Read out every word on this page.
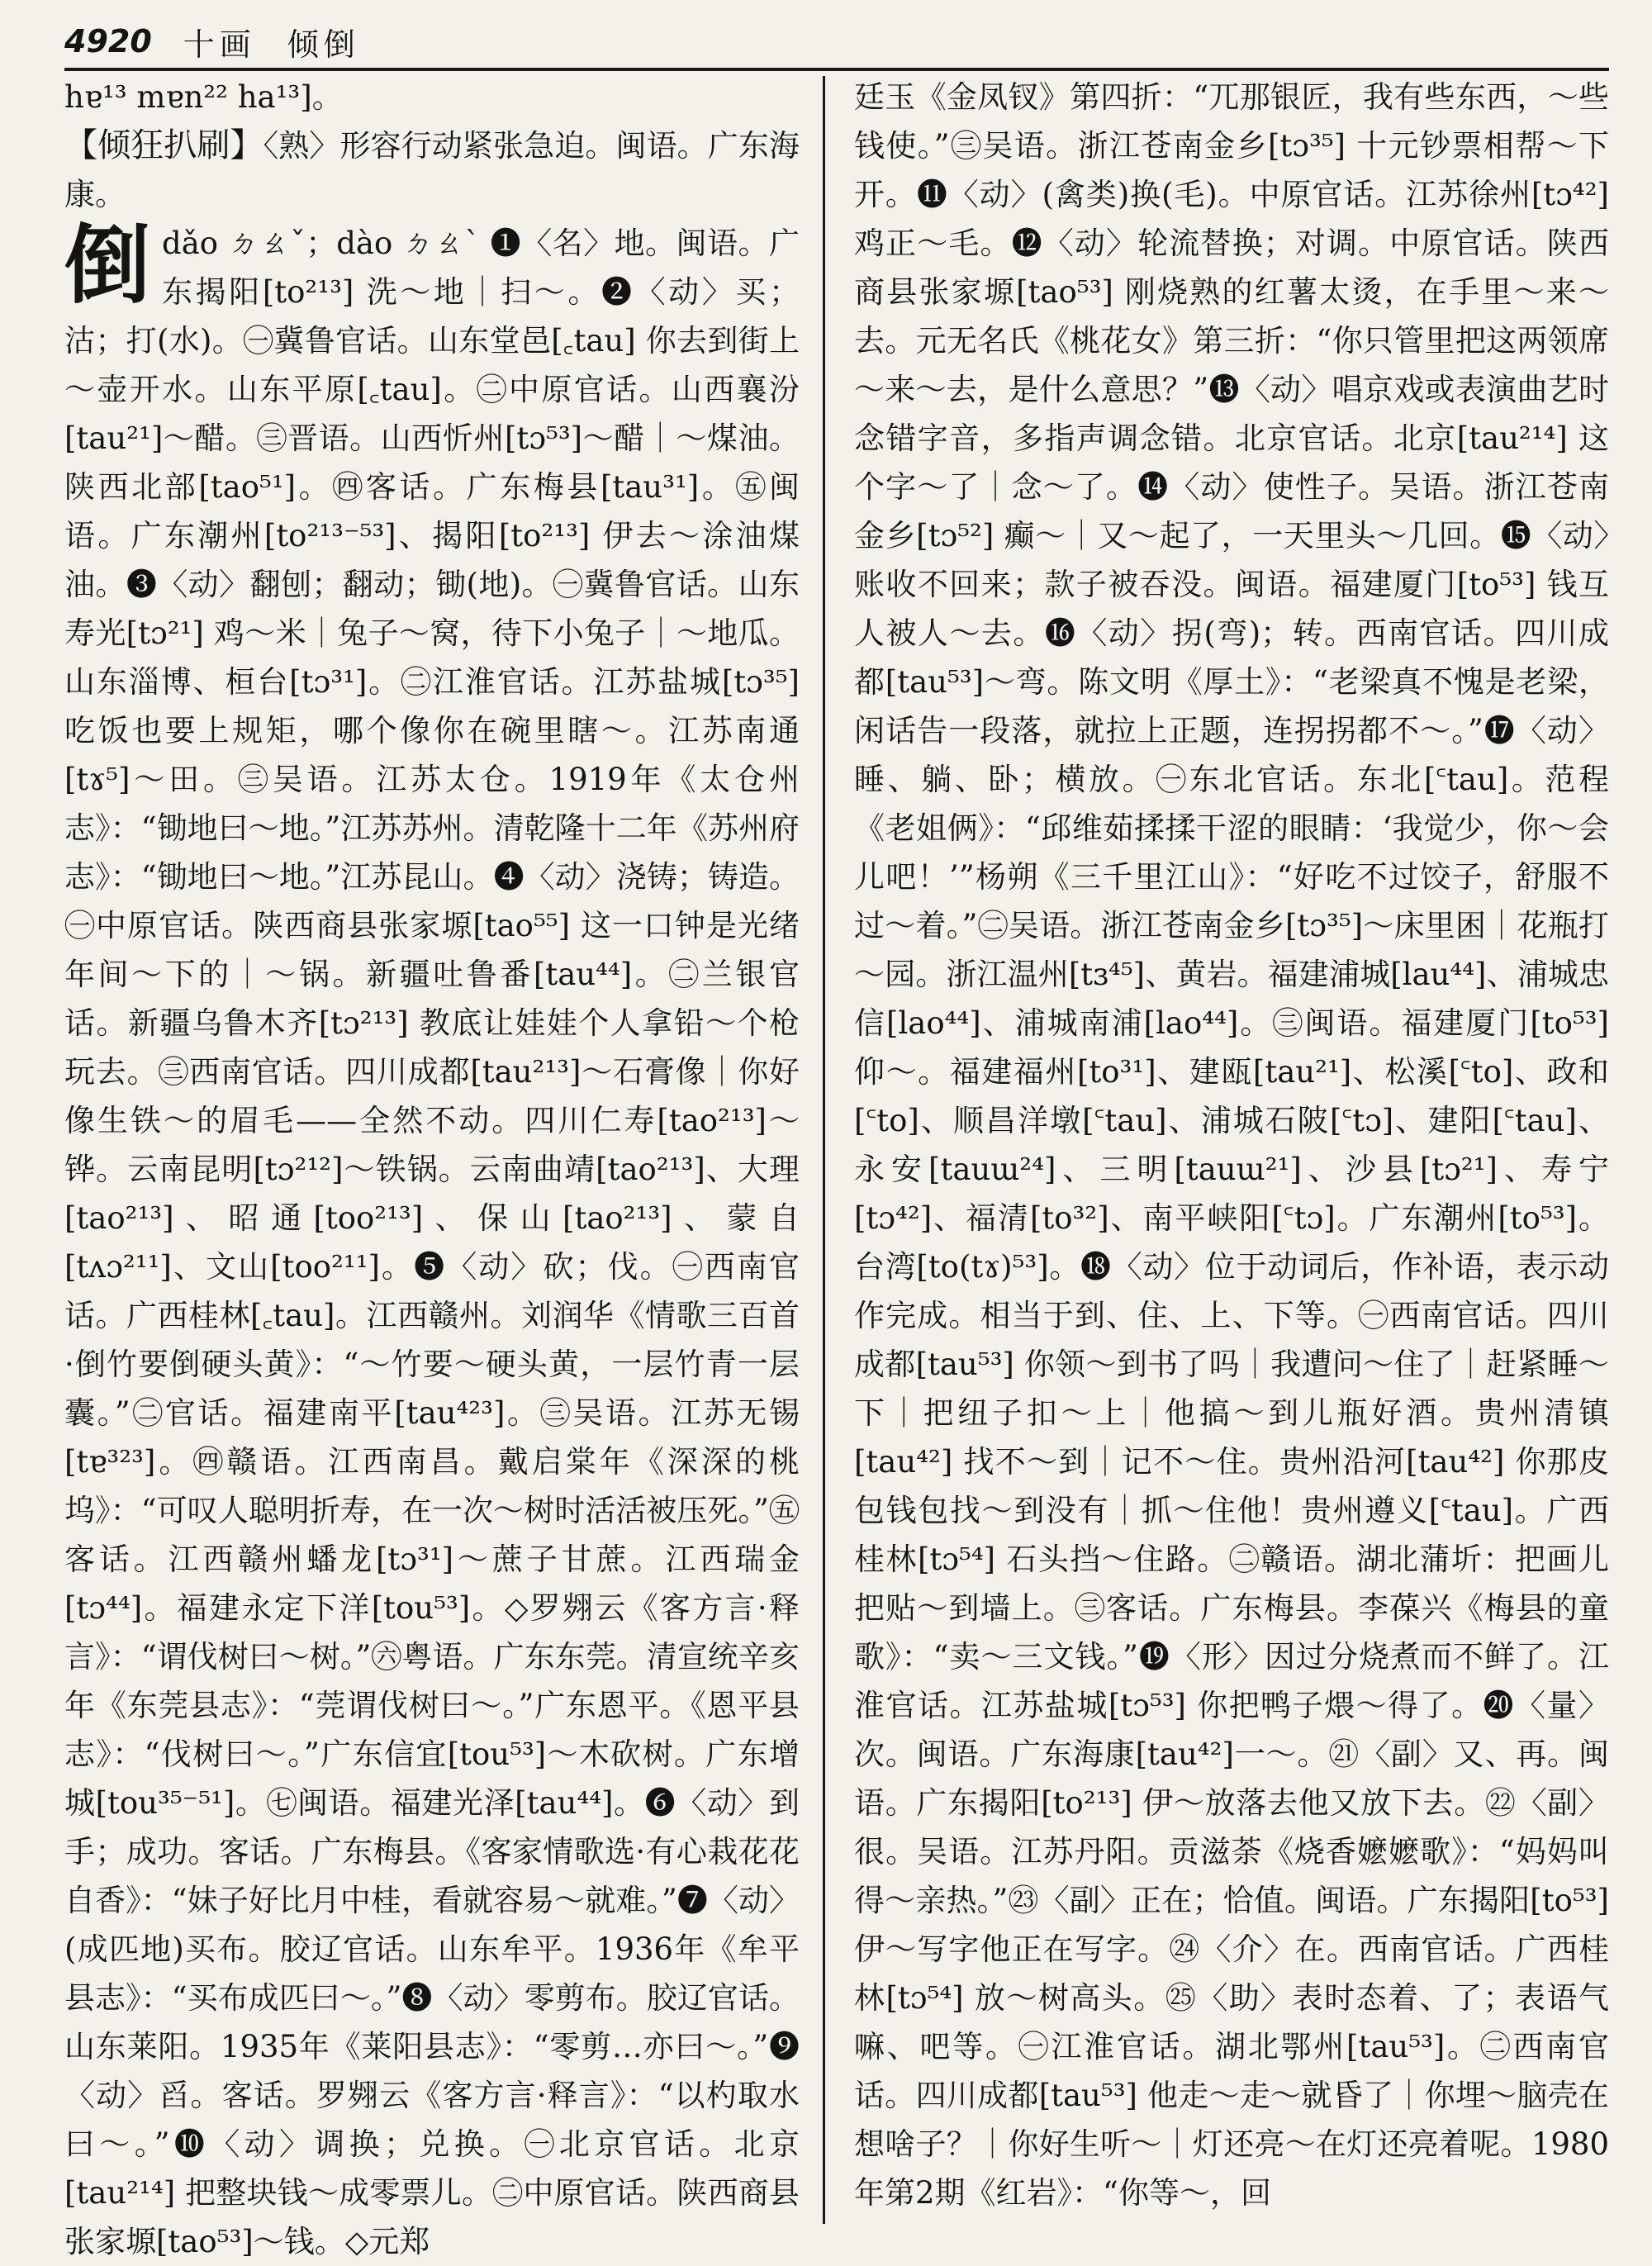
4920 十画 倾倒

hɐ¹³ mɐn²² ha¹³]。

【倾狂扒刷】〈熟〉形容行动紧张急迫。闽语。广东海康。

倒 dǎo ㄉㄠˇ；dào ㄉㄠˋ ❶〈名〉地。闽语。广东揭阳[to²¹³] 洗～地｜扫～。❷〈动〉买；沽；打(水)。㊀冀鲁官话。山东堂邑[꜀tau] 你去到街上～壶开水。山东平原[꜀tau]。㊁中原官话。山西襄汾[tau²¹]～醋。㊂晋语。山西忻州[tɔ⁵³]～醋｜～煤油。陕西北部[tao⁵¹]。㊃客话。广东梅县[tau³¹]。㊄闽语。广东潮州[to²¹³⁻⁵³]、揭阳[to²¹³] 伊去～涂油煤油。❸〈动〉翻刨；翻动；锄(地)。㊀冀鲁官话。山东寿光[tɔ²¹] 鸡～米｜兔子～窝，待下小兔子｜～地瓜。山东淄博、桓台[tɔ³¹]。㊁江淮官话。江苏盐城[tɔ³⁵] 吃饭也要上规矩，哪个像你在碗里瞎～。江苏南通[tɤ⁵]～田。㊂吴语。江苏太仓。1919年《太仓州志》：“锄地曰～地。”江苏苏州。清乾隆十二年《苏州府志》：“锄地曰～地。”江苏昆山。❹〈动〉浇铸；铸造。㊀中原官话。陕西商县张家塬[tao⁵⁵] 这一口钟是光绪年间～下的｜～锅。新疆吐鲁番[tau⁴⁴]。㊁兰银官话。新疆乌鲁木齐[tɔ²¹³] 教底让娃娃个人拿铅～个枪玩去。㊂西南官话。四川成都[tau²¹³]～石膏像｜你好像生铁～的眉毛——全然不动。四川仁寿[tao²¹³]～铧。云南昆明[tɔ²¹²]～铁锅。云南曲靖[tao²¹³]、大理[tao²¹³]、昭通[too²¹³]、保山[tao²¹³]、蒙自[tʌɔ²¹¹]、文山[too²¹¹]。❺〈动〉砍；伐。㊀西南官话。广西桂林[꜀tau]。江西赣州。刘润华《情歌三百首·倒竹要倒硬头黄》：“～竹要～硬头黄，一层竹青一层囊。”㊁官话。福建南平[tau⁴²³]。㊂吴语。江苏无锡[tɐ³²³]。㊃赣语。江西南昌。戴启棠年《深深的桃坞》：“可叹人聪明折寿，在一次～树时活活被压死。”㊄客话。江西赣州蟠龙[tɔ³¹]～蔗子甘蔗。江西瑞金[tɔ⁴⁴]。福建永定下洋[tou⁵³]。◇罗翙云《客方言·释言》：“谓伐树曰～树。”㊅粤语。广东东莞。清宣统辛亥年《东莞县志》：“莞谓伐树曰～。”广东恩平。《恩平县志》：“伐树曰～。”广东信宜[tou⁵³]～木砍树。广东增城[tou³⁵⁻⁵¹]。㊆闽语。福建光泽[tau⁴⁴]。❻〈动〉到手；成功。客话。广东梅县。《客家情歌选·有心栽花花自香》：“妹子好比月中桂，看就容易～就难。”❼〈动〉(成匹地)买布。胶辽官话。山东牟平。1936年《牟平县志》：“买布成匹曰～。”❽〈动〉零剪布。胶辽官话。山东莱阳。1935年《莱阳县志》：“零剪…亦曰～。”❾〈动〉舀。客话。罗翙云《客方言·释言》：“以杓取水曰～。”❿〈动〉调换；兑换。㊀北京官话。北京[tau²¹⁴] 把整块钱～成零票儿。㊁中原官话。陕西商县张家塬[tao⁵³]～钱。◇元郑

廷玉《金凤钗》第四折：“兀那银匠，我有些东西，～些钱使。”㊂吴语。浙江苍南金乡[tɔ³⁵] 十元钞票相帮～下开。⓫〈动〉(禽类)换(毛)。中原官话。江苏徐州[tɔ⁴²] 鸡正～毛。⓬〈动〉轮流替换；对调。中原官话。陕西商县张家塬[tao⁵³] 刚烧熟的红薯太烫，在手里～来～去。元无名氏《桃花女》第三折：“你只管里把这两领席～来～去，是什么意思？”⓭〈动〉唱京戏或表演曲艺时念错字音，多指声调念错。北京官话。北京[tau²¹⁴] 这个字～了｜念～了。⓮〈动〉使性子。吴语。浙江苍南金乡[tɔ⁵²] 癫～｜又～起了，一天里头～几回。⓯〈动〉账收不回来；款子被吞没。闽语。福建厦门[to⁵³] 钱互人被人～去。⓰〈动〉拐(弯)；转。西南官话。四川成都[tau⁵³]～弯。陈文明《厚土》：“老梁真不愧是老梁，闲话告一段落，就拉上正题，连拐拐都不～。”⓱〈动〉睡、躺、卧；横放。㊀东北官话。东北[꜂tau]。范程《老姐俩》：“邱维茹揉揉干涩的眼睛：‘我觉少，你～会儿吧！’”杨朔《三千里江山》：“好吃不过饺子，舒服不过～着。”㊁吴语。浙江苍南金乡[tɔ³⁵]～床里困｜花瓶打～园。浙江温州[tɜ⁴⁵]、黄岩。福建浦城[lau⁴⁴]、浦城忠信[lao⁴⁴]、浦城南浦[lao⁴⁴]。㊂闽语。福建厦门[to⁵³] 仰～。福建福州[to³¹]、建瓯[tau²¹]、松溪[꜂to]、政和[꜂to]、顺昌洋墩[꜂tau]、浦城石陂[꜂tɔ]、建阳[꜂tau]、永安[tauɯ²⁴]、三明[tauɯ²¹]、沙县[tɔ²¹]、寿宁[tɔ⁴²]、福清[to³²]、南平峡阳[꜂tɔ]。广东潮州[to⁵³]。台湾[to(tɤ)⁵³]。⓲〈动〉位于动词后，作补语，表示动作完成。相当于到、住、上、下等。㊀西南官话。四川成都[tau⁵³] 你领～到书了吗｜我遭问～住了｜赶紧睡～下｜把纽子扣～上｜他搞～到儿瓶好酒。贵州清镇[tau⁴²] 找不～到｜记不～住。贵州沿河[tau⁴²] 你那皮包钱包找～到没有｜抓～住他！贵州遵义[꜂tau]。广西桂林[tɔ⁵⁴] 石头挡～住路。㊁赣语。湖北蒲圻：把画儿把贴～到墙上。㊂客话。广东梅县。李葆兴《梅县的童歌》：“卖～三文钱。”⓳〈形〉因过分烧煮而不鲜了。江淮官话。江苏盐城[tɔ⁵³] 你把鸭子煨～得了。⓴〈量〉次。闽语。广东海康[tau⁴²]一～。㉑〈副〉又、再。闽语。广东揭阳[to²¹³] 伊～放落去他又放下去。㉒〈副〉很。吴语。江苏丹阳。贡滋荼《烧香嬷嬷歌》：“妈妈叫得～亲热。”㉓〈副〉正在；恰值。闽语。广东揭阳[to⁵³] 伊～写字他正在写字。㉔〈介〉在。西南官话。广西桂林[tɔ⁵⁴] 放～树高头。㉕〈助〉表时态着、了；表语气嘛、吧等。㊀江淮官话。湖北鄂州[tau⁵³]。㊁西南官话。四川成都[tau⁵³] 他走～走～就昏了｜你埋～脑壳在想啥子？｜你好生听～｜灯还亮～在灯还亮着呢。1980年第2期《红岩》：“你等～，回
